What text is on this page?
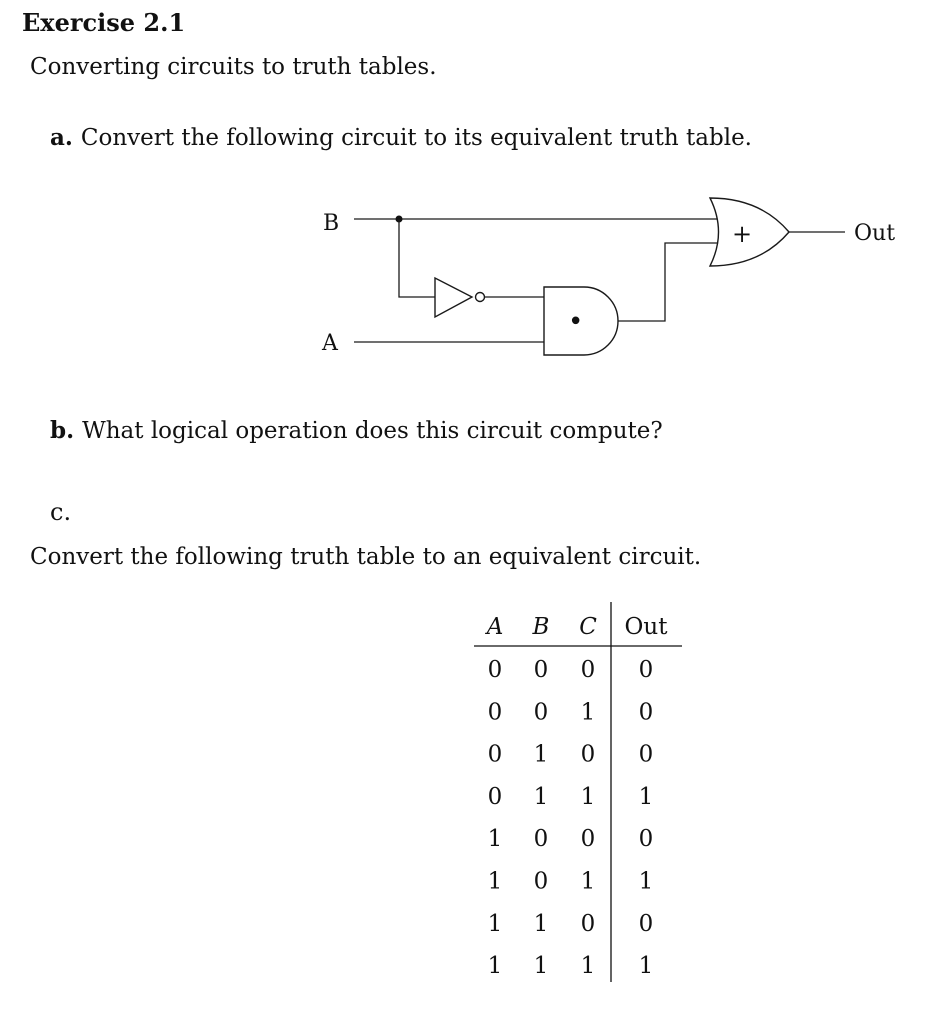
Exercise 2.1
Converting circuits to truth tables.
a. Convert the following circuit to its equivalent truth table.
B
A
•
+	Out
b. What logical operation does this circuit compute?
c.
Convert the following truth table to an equivalent circuit.
A B C Out
0 0 0 0
0 0 1 0
0 1 0 0
0 1 1 1
1 0 0 0
1 0 1 1
1 1 0 0
1 1 1 1
